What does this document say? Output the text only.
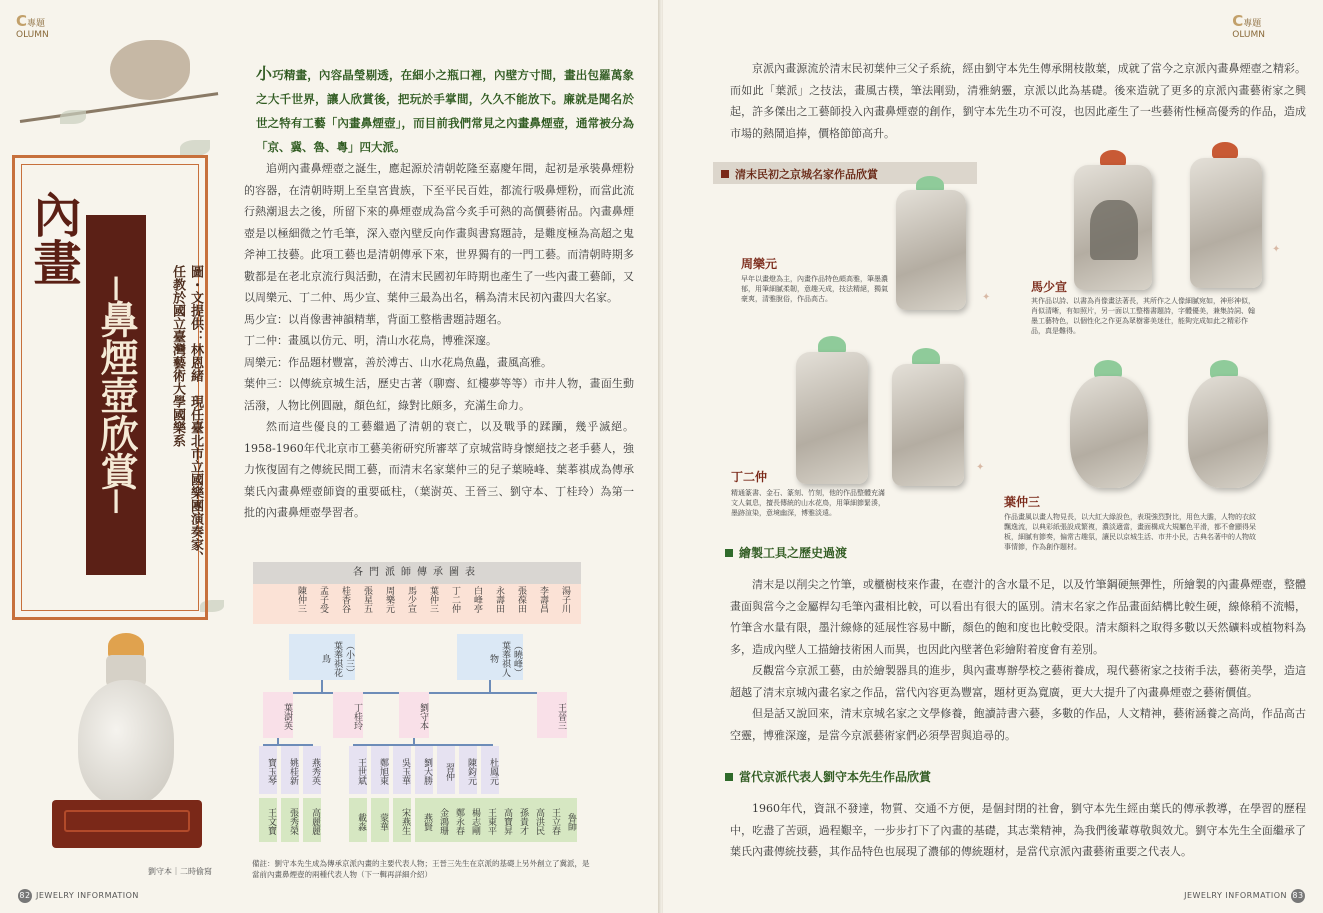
C專題
OLUMN
內畫
─鼻煙壺欣賞─	圖・文提供：林恩緒　現任臺北市立國樂團演奏家、任教於國立臺灣藝術大學國樂系
劉守本｜二時偷寫
小巧精畫，內容晶瑩剔透，在細小之瓶口裡，內壁方寸間，畫出包羅萬象之大千世界，讓人欣賞後，把玩於手掌間，久久不能放下。廉就是聞名於世之特有工藝「內畫鼻煙壺」，而目前我們常見之內畫鼻煙壺，通常被分為「京、冀、魯、粵」四大派。

追朔內畫鼻煙壺之誕生，應起源於清朝乾隆至嘉慶年間，起初是承裝鼻煙粉的容器，在清朝時期上至皇宮貴族，下至平民百姓，都流行吸鼻煙粉，而當此流行熱潮退去之後，所留下來的鼻煙壺成為當今炙手可熱的高價藝術品。內畫鼻煙壺是以極細微之竹毛筆，深入壺內壁反向作畫與書寫題詩，是難度極為高超之鬼斧神工技藝。此項工藝也是清朝傳承下來，世界獨有的一門工藝。而清朝時期多數都是在老北京流行與活動，在清末民國初年時期也產生了一些內畫工藝師，又以周樂元、丁二仲、馬少宣、葉仲三最為出名，稱為清末民初內畫四大名家。

馬少宣：以肖像書神韻精華，背面工整楷書題詩題名。

丁二仲：畫風以仿元、明，清山水花鳥，博雅深邃。

周樂元：作品題材豐富，善於溥古、山水花鳥魚蟲，畫風高雅。

葉仲三：以傳統京城生活，歷史古著（聊齋、紅樓夢等等）市井人物，畫面生動活潑，人物比例圓融，顏色紅，綠對比頗多，充滿生命力。

然而這些優良的工藝繼過了清朝的衰亡，以及戰爭的蹂躪，幾乎滅絕。1958-1960年代北京市工藝美術研究所審萃了京城當時身懷絕技之老手藝人，強力恢復固有之傳統民間工藝，而清末名家葉仲三的兒子葉曉峰、葉菶祺成為傳承葉氏內畫鼻煙壺師資的重要砥柱，（葉澍英、王晉三、劉守本、丁桂玲）為第一批的內畫鼻煙壺學習者。

各門派師傳承圖表
陳仲三 孟子受 桂香谷 張星五 周樂元 馬少宣 葉仲三 丁二仲 白峰亭 永壽田 張葆田 李壽昌 湯子川
（小三）葉菶祺花鳥	（曉峰）葉菶祺人物
葉澍英	丁桂玲	劉守本	王晉三
寶玉琴	姚桂新	燕秀英	王世斌	鄭旭東	吳玉華	劉大勝	習仲	陳鈞元	杜鳳元
王文寶	張秀榮	高麗麗	載淼	蒙華	宋燕生	燕賢 金鴻珊 鄭永春 楊志剛 王東平 高寶昇 孫貴才 高洪民 王立春 魯帥
備註：劉守本先生成為傳承京派內畫的主要代表人物；王晉三先生在京派的基礎上另外創立了冀派，是當前內畫鼻煙壺的兩種代表人物（下一輯再詳細介紹）
82 JEWELRY INFORMATION
C專題
OLUMN
JEWELRY INFORMATION 83

京派內畫源流於清末民初葉仲三父子系統，經由劉守本先生傳承開枝散葉，成就了當今之京派內畫鼻煙壺之精彩。而如此「葉派」之技法，畫風古樸，筆法剛勁，清雅納靈，京派以此為基礎。後來造就了更多的京派內畫藝術家之興起，許多傑出之工藝師投入內畫鼻煙壺的創作，劉守本先生功不可沒，也因此產生了一些藝術性極高優秀的作品，造成市場的熱鬧追捧，價格節節高升。

清末民初之京城名家作品欣賞
周樂元
早年以畫燈為主，內畫作品特色頗高雅，筆墨濃郁，用筆細膩柔韌，意趣天成，技法精絕，獨氣豪爽，清雅脫俗，作品高古。
馬少宣
其作品以詩、以書為肖像畫法著長，其所作之人像細膩宛如，神形神似，肖似清晰，有如照片，另一面以工整楷書題詩，字體優美，兼集詩詞、翰墨工藝特色，以個性化之作更為眾樹審美迷仕，能夠完成如此之精彩作品，真是難得。
丁二仲
精通篆書、金石、篆刻、竹刻，他的作品整體充滿文人氣息，擅長傳統的山水花鳥，用筆細節緊湊，墨跡渲染，意境幽深，博雅淡遠。
葉仲三
作品畫風以畫人物見長，以大紅大綠設色，表現強烈對比，用色大膽，人物的衣紋飄逸流，以典彩紙張設成繁複，濃淡適當，畫面構成大規屬色平滑，都不會顯得呆板，細膩有節奏，偏常古趣氛，讓民以京城生活、市井小民，古典名著中的人物故事情節，作為創作題材。
✦
✦
✦
繪製工具之歷史過渡

清末是以削尖之竹筆，或櫃樹枝來作畫，在壺汁的含水量不足，以及竹筆鋼硬無彈性，所繪製的內畫鼻煙壺，整體畫面與當今之金屬桿勾毛筆內畫相比較，可以看出有很大的區別。清末名家之作品畫面結構比較生硬，線條稍不流暢，竹筆含水量有限，墨汁線條的延展性容易中斷，顏色的飽和度也比較受限。清末顏料之取得多數以天然礦料或植物料為多，造成內壁人工描繪技術困人而異，也因此內壁著色彩繪附着度會有差別。

反觀當今京派工藝，由於繪製器具的進步，與內畫專辦學校之藝術養成，現代藝術家之技術手法，藝術美學，造這超越了清末京城內畫名家之作品，當代內容更為豐富，題材更為寬廣，更大大提升了內畫鼻煙壺之藝術價值。

但是話又說回來，清末京城名家之文學修養，飽讀詩書六藝，多數的作品，人文精神，藝術涵養之高尚，作品高古空靈，博雅深邃，是當今京派藝術家們必須學習與追尋的。

當代京派代表人劉守本先生作品欣賞

1960年代，資訊不發達，物質、交通不方便，是個封閉的社會，劉守本先生經由葉氏的傳承教導，在學習的歷程中，吃盡了苦頭，過程艱辛，一步步打下了內畫的基礎，其志業精神，為我們後輩尊敬與效尤。劉守本先生全面繼承了葉氏內畫傳統技藝，其作品特色也展現了濃郁的傳統題材，是當代京派內畫藝術重要之代表人。
